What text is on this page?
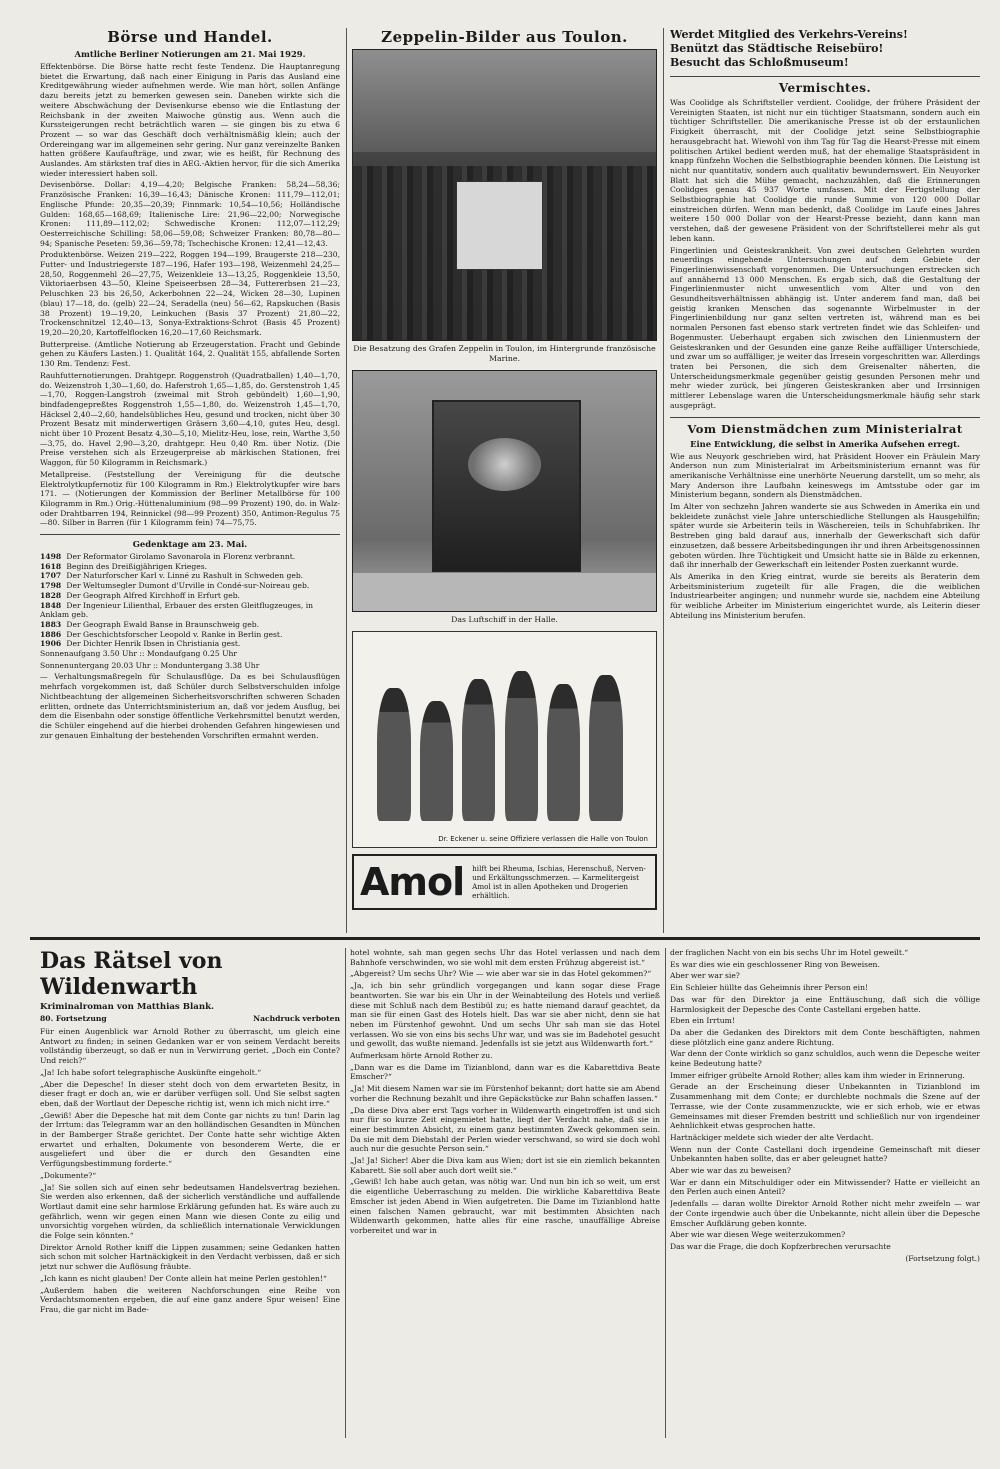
Börse und Handel.
Amtliche Berliner Notierungen am 21. Mai 1929.

Effektenbörse. Die Börse hatte recht feste Tendenz. Die Hauptanregung bietet die Erwartung, daß nach einer Einigung in Paris das Ausland eine Kreditgewährung wieder aufnehmen werde. Wie man hört, sollen Anfänge dazu bereits jetzt zu bemerken gewesen sein. Daneben wirkte sich die weitere Abschwächung der Devisenkurse ebenso wie die Entlastung der Reichsbank in der zweiten Maiwoche günstig aus. Wenn auch die Kurssteigerungen recht beträchtlich waren — sie gingen bis zu etwa 6 Prozent — so war das Geschäft doch verhältnismäßig klein; auch der Ordereingang war im allgemeinen sehr gering. Nur ganz vereinzelte Banken hatten größere Kaufaufträge, und zwar, wie es heißt, für Rechnung des Auslandes. Am stärksten traf dies in AEG.-Aktien hervor, für die sich Amerika wieder interessiert haben soll.

Devisenbörse. Dollar: 4,19—4,20; Belgische Franken: 58,24—58,36; Französische Franken: 16,39—16,43; Dänische Kronen: 111,79—112,01; Englische Pfunde: 20,35—20,39; Finnmark: 10,54—10,56; Holländische Gulden: 168,65—168,69; Italienische Lire: 21,96—22,00; Norwegische Kronen: 111,89—112,02; Schwedische Kronen: 112,07—112,29; Oesterreichische Schilling: 58,06—59,08; Schweizer Franken: 80,78—80—94; Spanische Peseten: 59,36—59,78; Tschechische Kronen: 12,41—12,43.

Produktenbörse. Weizen 219—222, Roggen 194—199, Braugerste 218—230, Futter- und Industriegerste 187—196, Hafer 193—198, Weizenmehl 24,25—28,50, Roggenmehl 26—27,75, Weizenkleie 13—13,25, Roggenkleie 13,50, Viktoriaerbsen 43—50, Kleine Speiseerbsen 28—34, Futtererbsen 21—23, Peluschken 23 bis 26,50, Ackerbohnen 22—24, Wicken 28—30, Lupinen (blau) 17—18, do. (gelb) 22—24, Seradella (neu) 56—62, Rapskuchen (Basis 38 Prozent) 19—19,20, Leinkuchen (Basis 37 Prozent) 21,80—22, Trockenschnitzel 12,40—13, Sonya-Extraktions-Schrot (Basis 45 Prozent) 19,20—20,20, Kartoffelflocken 16,20—17,60 Reichsmark.

Butterpreise. (Amtliche Notierung ab Erzeugerstation. Fracht und Gebinde gehen zu Käufers Lasten.) 1. Qualität 164, 2. Qualität 155, abfallende Sorten 130 Rm. Tendenz: Fest.

Rauhfutternotierungen. Drahtgepr. Roggenstroh (Quadratballen) 1,40—1,70, do. Weizenstroh 1,30—1,60, do. Haferstroh 1,65—1,85, do. Gerstenstroh 1,45—1,70, Roggen-Langstroh (zweimal mit Stroh gebündelt) 1,60—1,90, bindfadengepreßtes Roggenstroh 1,55—1,80, do. Weizenstroh 1,45—1,70, Häcksel 2,40—2,60, handelsübliches Heu, gesund und trocken, nicht über 30 Prozent Besatz mit minderwertigen Gräsern 3,60—4,10, gutes Heu, desgl. nicht über 10 Prozent Besatz 4,30—5,10, Mielitz-Heu, lose, rein, Warthe 3,50—3,75, do. Havel 2,90—3,20, drahtgepr. Heu 0,40 Rm. über Notiz. (Die Preise verstehen sich als Erzeugerpreise ab märkischen Stationen, frei Waggon, für 50 Kilogramm in Reichsmark.)

Metallpreise. (Feststellung der Vereinigung für die deutsche Elektrolytkupfernotiz für 100 Kilogramm in Rm.) Elektrolytkupfer wire bars 171. — (Notierungen der Kommission der Berliner Metallbörse für 100 Kilogramm in Rm.) Orig.-Hüttenaluminium (98—99 Prozent) 190, do. in Walz- oder Drahtbarren 194, Reinnickel (98—99 Prozent) 350, Antimon-Regulus 75—80. Silber in Barren (für 1 Kilogramm fein) 74—75,75.

Gedenktage am 23. Mai.
1498 Der Reformator Girolamo Savonarola in Florenz verbrannt.
1618 Beginn des Dreißigjährigen Krieges.
1707 Der Naturforscher Karl v. Linné zu Rashult in Schweden geb.
1798 Der Weltumsegler Dumont d'Urville in Condé-sur-Noireau geb.
1828 Der Geograph Alfred Kirchhoff in Erfurt geb.
1848 Der Ingenieur Lilienthal, Erbauer des ersten Gleitflugzeuges, in Anklam geb.
1883 Der Geograph Ewald Banse in Braunschweig geb.
1886 Der Geschichtsforscher Leopold v. Ranke in Berlin gest.
1906 Der Dichter Henrik Ibsen in Christiania gest.

Sonnenaufgang 3.50 Uhr :: Mondaufgang 0.25 Uhr

Sonnenuntergang 20.03 Uhr :: Monduntergang 3.38 Uhr

— Verhaltungsmaßregeln für Schulausflüge. Da es bei Schulausflügen mehrfach vorgekommen ist, daß Schüler durch Selbstverschulden infolge Nichtbeachtung der allgemeinen Sicherheitsvorschriften schweren Schaden erlitten, ordnete das Unterrichtsministerium an, daß vor jedem Ausflug, bei dem die Eisenbahn oder sonstige öffentliche Verkehrsmittel benutzt werden, die Schüler eingehend auf die hierbei drohenden Gefahren hingewiesen und zur genauen Einhaltung der bestehenden Vorschriften ermahnt werden.

Zeppelin-Bilder aus Toulon.
Die Besatzung des Grafen Zeppelin in Toulon, im Hintergrunde französische Marine.
Das Luftschiff in der Halle.
Dr. Eckener u. seine Offiziere verlassen die Halle von Toulon
Amol hilft bei Rheuma, Ischias, Herenschuß, Nerven- und Erkältungsschmerzen. — Karmelitergeist Amol ist in allen Apotheken und Drogerien erhältlich.

Werdet Mitglied des Verkehrs-Vereins!

Benützt das Städtische Reisebüro!

Besucht das Schloßmuseum!

Vermischtes.

Was Coolidge als Schriftsteller verdient. Coolidge, der frühere Präsident der Vereinigten Staaten, ist nicht nur ein tüchtiger Staatsmann, sondern auch ein tüchtiger Schriftsteller. Die amerikanische Presse ist ob der erstaunlichen Fixigkeit überrascht, mit der Coolidge jetzt seine Selbstbiographie herausgebracht hat. Wiewohl von ihm Tag für Tag die Hearst-Presse mit einem politischen Artikel bedient werden muß, hat der ehemalige Staatspräsident in knapp fünfzehn Wochen die Selbstbiographie beenden können. Die Leistung ist nicht nur quantitativ, sondern auch qualitativ bewundernswert. Ein Neuyorker Blatt hat sich die Mühe gemacht, nachzuzählen, daß die Erinnerungen Coolidges genau 45 937 Worte umfassen. Mit der Fertigstellung der Selbstbiographie hat Coolidge die runde Summe von 120 000 Dollar einstreichen dürfen. Wenn man bedenkt, daß Coolidge im Laufe eines Jahres weitere 150 000 Dollar von der Hearst-Presse bezieht, dann kann man verstehen, daß der gewesene Präsident von der Schriftstellerei mehr als gut leben kann.

Fingerlinien und Geisteskrankheit. Von zwei deutschen Gelehrten wurden neuerdings eingehende Untersuchungen auf dem Gebiete der Fingerlinienwissenschaft vorgenommen. Die Untersuchungen erstrecken sich auf annähernd 13 000 Menschen. Es ergab sich, daß die Gestaltung der Fingerlinienmuster nicht unwesentlich vom Alter und von den Gesundheitsverhältnissen abhängig ist. Unter anderem fand man, daß bei geistig kranken Menschen das sogenannte Wirbelmuster in der Fingerlinienbildung nur ganz selten vertreten ist, während man es bei normalen Personen fast ebenso stark vertreten findet wie das Schleifen- und Bogenmuster. Ueberhaupt ergaben sich zwischen den Linienmustern der Geisteskranken und der Gesunden eine ganze Reihe auffälliger Unterschiede, und zwar um so auffälliger, je weiter das Irresein vorgeschritten war. Allerdings traten bei Personen, die sich dem Greisenalter näherten, die Unterscheidungsmerkmale gegenüber geistig gesunden Personen mehr und mehr wieder zurück, bei jüngeren Geisteskranken aber und Irrsinnigen mittlerer Lebenslage waren die Unterscheidungsmerkmale häufig sehr stark ausgeprägt.

Vom Dienstmädchen zum Ministerialrat
Eine Entwicklung, die selbst in Amerika Aufsehen erregt.

Wie aus Neuyork geschrieben wird, hat Präsident Hoover ein Fräulein Mary Anderson nun zum Ministerialrat im Arbeitsministerium ernannt was für amerikanische Verhältnisse eine unerhörte Neuerung darstellt, um so mehr, als Mary Anderson ihre Laufbahn keineswegs im Amtsstube oder gar im Ministerium begann, sondern als Dienstmädchen.

Im Alter von sechzehn Jahren wanderte sie aus Schweden in Amerika ein und bekleidete zunächst viele Jahre unterschiedliche Stellungen als Hausgehilfin; später wurde sie Arbeiterin teils in Wäschereien, teils in Schuhfabriken. Ihr Bestreben ging bald darauf aus, innerhalb der Gewerkschaft sich dafür einzusetzen, daß bessere Arbeitsbedingungen ihr und ihren Arbeitsgenossinnen geboten würden. Ihre Tüchtigkeit und Umsicht hatte sie in Bälde zu erkennen, daß ihr innerhalb der Gewerkschaft ein leitender Posten zuerkannt wurde.

Als Amerika in den Krieg eintrat, wurde sie bereits als Beraterin dem Arbeitsministerium zugeteilt für alle Fragen, die die weiblichen Industriearbeiter angingen; und nunmehr wurde sie, nachdem eine Abteilung für weibliche Arbeiter im Ministerium eingerichtet wurde, als Leiterin dieser Abteilung ins Ministerium berufen.

Das Rätsel von Wildenwarth
Kriminalroman von Matthias Blank.
80. Fortsetzung	Nachdruck verboten

Für einen Augenblick war Arnold Rother zu überrascht, um gleich eine Antwort zu finden; in seinen Gedanken war er von seinem Verdacht bereits vollständig überzeugt, so daß er nun in Verwirrung geriet. „Doch ein Conte? Und reich?“

„Ja! Ich habe sofort telegraphische Auskünfte eingeholt.“

„Aber die Depesche! In dieser steht doch von dem erwarteten Besitz, in dieser fragt er doch an, wie er darüber verfügen soll. Und Sie selbst sagten eben, daß der Wortlaut der Depesche richtig ist, wenn ich mich nicht irre.“

„Gewiß! Aber die Depesche hat mit dem Conte gar nichts zu tun! Darin lag der Irrtum: das Telegramm war an den holländischen Gesandten in München in der Bamberger Straße gerichtet. Der Conte hatte sehr wichtige Akten erwartet und erhalten, Dokumente von besonderem Werte, die er ausgeliefert und über die er durch den Gesandten eine Verfügungsbestimmung forderte.“

„Dokumente?“

„Ja! Sie sollen sich auf einen sehr bedeutsamen Handelsvertrag beziehen. Sie werden also erkennen, daß der sicherlich verständliche und auffallende Wortlaut damit eine sehr harmlose Erklärung gefunden hat. Es wäre auch zu gefährlich, wenn wir gegen einen Mann wie diesen Conte zu eilig und unvorsichtig vorgehen würden, da schließlich internationale Verwicklungen die Folge sein könnten.“

Direktor Arnold Rother kniff die Lippen zusammen; seine Gedanken hatten sich schon mit solcher Hartnäckigkeit in den Verdacht verbissen, daß er sich jetzt nur schwer die Auflösung fräubte.

„Ich kann es nicht glauben! Der Conte allein hat meine Perlen gestohlen!“

„Außerdem haben die weiteren Nachforschungen eine Reihe von Verdachtsmomenten ergeben, die auf eine ganz andere Spur weisen! Eine Frau, die gar nicht im Bade-

hotel wohnte, sah man gegen sechs Uhr das Hotel verlassen und nach dem Bahnhofe verschwinden, wo sie wohl mit dem ersten Frühzug abgereist ist.“

„Abgereist? Um sechs Uhr? Wie — wie aber war sie in das Hotel gekommen?“

„Ja, ich bin sehr gründlich vorgegangen und kann sogar diese Frage beantworten. Sie war bis ein Uhr in der Weinabteilung des Hotels und verließ diese mit Schluß nach dem Bestibül zu; es hatte niemand darauf geachtet, da man sie für einen Gast des Hotels hielt. Das war sie aber nicht, denn sie hat neben im Fürstenhof gewohnt. Und um sechs Uhr sah man sie das Hotel verlassen. Wo sie von eins bis sechs Uhr war, und was sie im Badehotel gesucht und gewollt, das wußte niemand. Jedenfalls ist sie jetzt aus Wildenwarth fort.“

Aufmerksam hörte Arnold Rother zu.

„Dann war es die Dame im Tizianblond, dann war es die Kabarettdiva Beate Emscher?“

„Ja! Mit diesem Namen war sie im Fürstenhof bekannt; dort hatte sie am Abend vorher die Rechnung bezahlt und ihre Gepäckstücke zur Bahn schaffen lassen.“

„Da diese Diva aber erst Tags vorher in Wildenwarth eingetroffen ist und sich nur für so kurze Zeit eingemietet hatte, liegt der Verdacht nahe, daß sie in einer bestimmten Absicht, zu einem ganz bestimmten Zweck gekommen sein. Da sie mit dem Diebstahl der Perlen wieder verschwand, so wird sie doch wohl auch nur die gesuchte Person sein.“

„Ja! Ja! Sicher! Aber die Diva kam aus Wien; dort ist sie ein ziemlich bekannten Kabarett. Sie soll aber auch dort weilt sie.“

„Gewiß! Ich habe auch getan, was nötig war. Und nun bin ich so weit, um erst die eigentliche Ueberraschung zu melden. Die wirkliche Kabarettdiva Beate Emscher ist jeden Abend in Wien aufgetreten. Die Dame im Tizianblond hatte einen falschen Namen gebraucht, war mit bestimmten Absichten nach Wildenwarth gekommen, hatte alles für eine rasche, unauffällige Abreise vorbereitet und war in

der fraglichen Nacht von ein bis sechs Uhr im Hotel geweilt.“

Es war dies wie ein geschlossener Ring von Beweisen.

Aber wer war sie?

Ein Schleier hüllte das Geheimnis ihrer Person ein!

Das war für den Direktor ja eine Enttäuschung, daß sich die völlige Harmlosigkeit der Depesche des Conte Castellani ergeben hatte.

Eben ein Irrtum!

Da aber die Gedanken des Direktors mit dem Conte beschäftigten, nahmen diese plötzlich eine ganz andere Richtung.

War denn der Conte wirklich so ganz schuldlos, auch wenn die Depesche weiter keine Bedeutung hatte?

Immer eifriger grübelte Arnold Rother; alles kam ihm wieder in Erinnerung.

Gerade an der Erscheinung dieser Unbekannten in Tizianblond im Zusammenhang mit dem Conte; er durchlebte nochmals die Szene auf der Terrasse, wie der Conte zusammenzuckte, wie er sich erhob, wie er etwas Gemeinsames mit dieser Fremden bestritt und schließlich nur von irgendeiner Aehnlichkeit etwas gesprochen hatte.

Hartnäckiger meldete sich wieder der alte Verdacht.

Wenn nun der Conte Castellani doch irgendeine Gemeinschaft mit dieser Unbekannten haben sollte, das er aber geleugnet hatte?

Aber wie war das zu beweisen?

War er dann ein Mitschuldiger oder ein Mitwissender? Hatte er vielleicht an den Perlen auch einen Anteil?

Jedenfalls — daran wollte Direktor Arnold Rother nicht mehr zweifeln — war der Conte irgendwie auch über die Unbekannte, nicht allein über die Depesche Emscher Aufklärung geben konnte.

Aber wie war diesen Wege weiterzukommen?

Das war die Frage, die doch Kopfzerbrechen verursachte

(Fortsetzung folgt.)
